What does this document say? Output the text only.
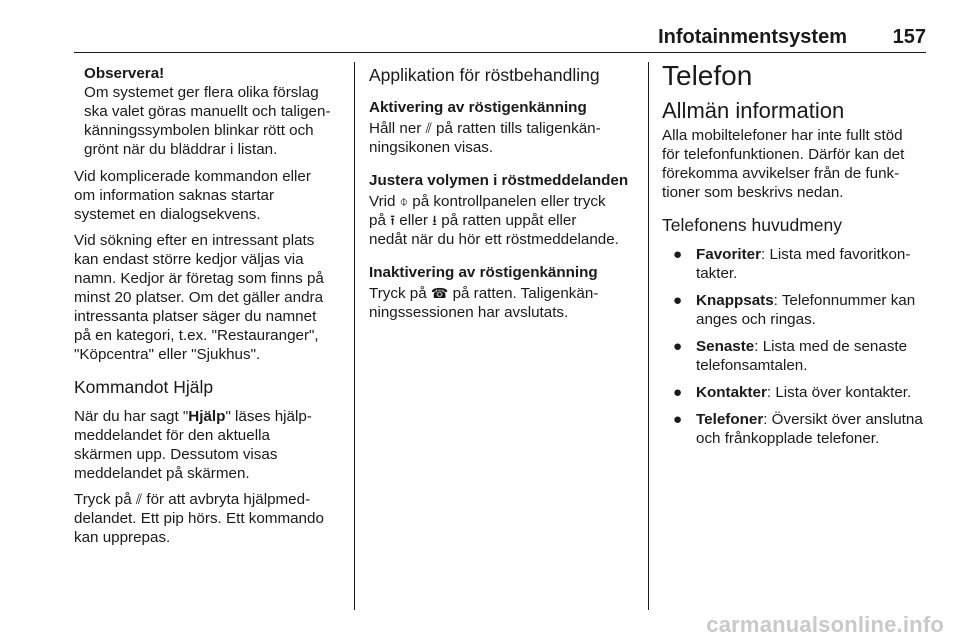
Infotainmentsystem 157
Observera!
Om systemet ger flera olika förslag
ska valet göras manuellt och taligen-
känningssymbolen blinkar rött och
grönt när du bläddrar i listan.

Vid komplicerade kommandon eller
om information saknas startar
systemet en dialogsekvens.

Vid sökning efter en intressant plats
kan endast större kedjor väljas via
namn. Kedjor är företag som finns på
minst 20 platser. Om det gäller andra
intressanta platser säger du namnet
på en kategori, t.ex. "Restauranger",
"Köpcentra" eller "Sjukhus".

Kommandot Hjälp

När du har sagt "Hjälp" läses hjälp-
meddelandet för den aktuella
skärmen upp. Dessutom visas
meddelandet på skärmen.

Tryck på ⫽ för att avbryta hjälpmed-
delandet. Ett pip hörs. Ett kommando
kan upprepas.

Applikation för röstbehandling
Aktivering av röstigenkänning
Håll ner ⫽ på ratten tills taligenkän-
ningsikonen visas.
Justera volymen i röstmeddelanden
Vrid ⌽ på kontrollpanelen eller tryck
på ⭱ eller ⭳ på ratten uppåt eller
nedåt när du hör ett röstmeddelande.
Inaktivering av röstigenkänning
Tryck på ☎ på ratten. Taligenkän-
ningssessionen har avslutats.
Telefon
Allmän information

Alla mobiltelefoner har inte fullt stöd
för telefonfunktionen. Därför kan det
förekomma avvikelser från de funk-
tioner som beskrivs nedan.

Telefonens huvudmeny
● Favoriter: Lista med favoritkon-
takter.
● Knappsats: Telefonnummer kan
anges och ringas.
● Senaste: Lista med de senaste
telefonsamtalen.
● Kontakter: Lista över kontakter.
● Telefoner: Översikt över anslutna
och frånkopplade telefoner.
carmanualsonline.info
